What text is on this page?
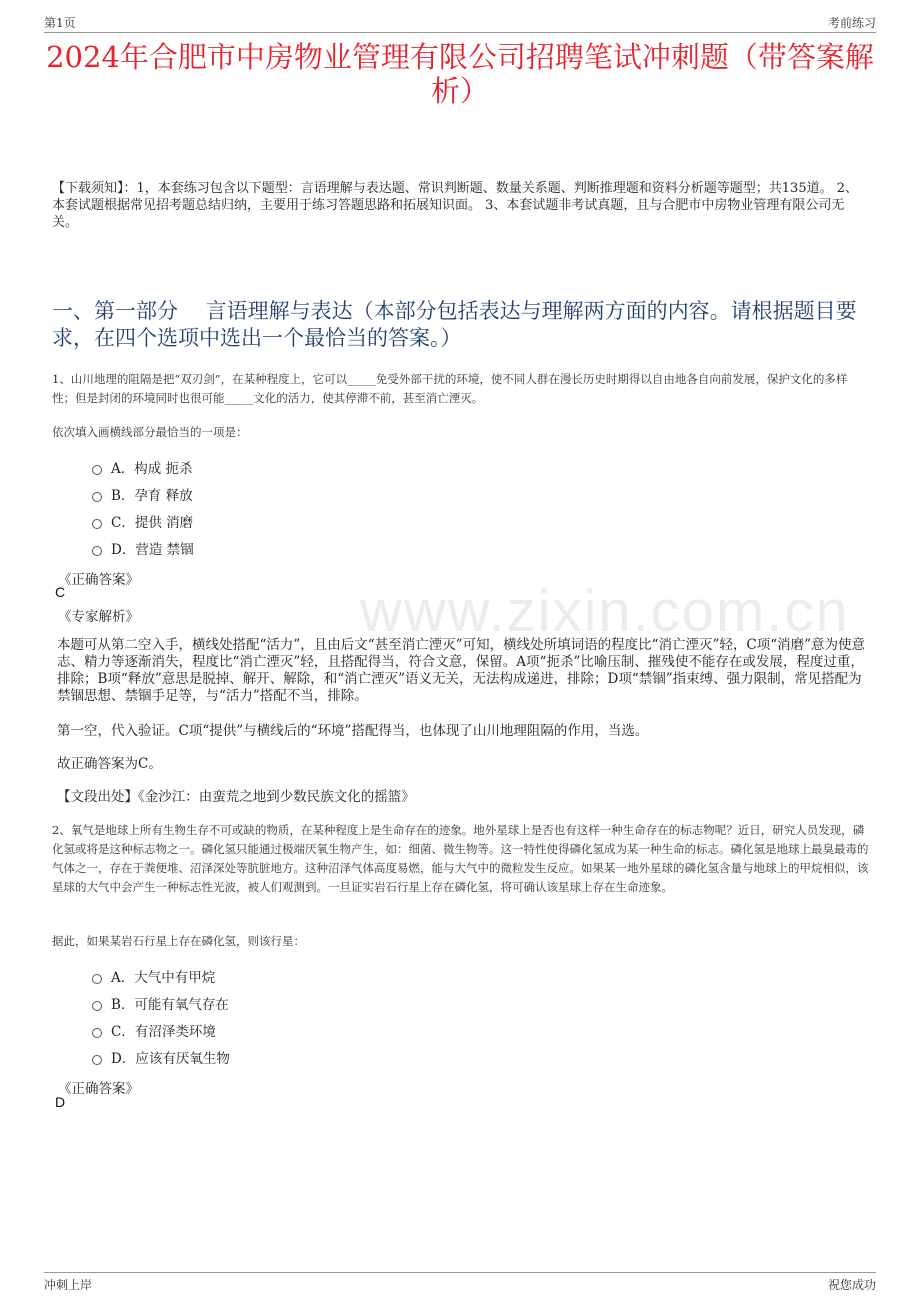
第1页	考前练习
www.zixin.com.cn
2024年合肥市中房物业管理有限公司招聘笔试冲刺题（带答案解析）
【下载须知】：1，本套练习包含以下题型：言语理解与表达题、常识判断题、数量关系题、判断推理题和资料分析题等题型；共135道。 2、本套试题根据常见招考题总结归纳，主要用于练习答题思路和拓展知识面。 3、本套试题非考试真题，且与合肥市中房物业管理有限公司无关。
一、第一部分　 言语理解与表达（本部分包括表达与理解两方面的内容。请根据题目要求，在四个选项中选出一个最恰当的答案。）
1、山川地理的阻隔是把“双刃剑”，在某种程度上，它可以_____免受外部干扰的环境，使不同人群在漫长历史时期得以自由地各自向前发展，保护文化的多样性；但是封闭的环境同时也很可能_____文化的活力，使其停滞不前，甚至消亡湮灭。
依次填入画横线部分最恰当的一项是：
A．构成 扼杀
B．孕育 释放
C．提供 消磨
D．营造 禁锢
《正确答案》
C
《专家解析》
本题可从第二空入手，横线处搭配“活力”，且由后文“甚至消亡湮灭”可知，横线处所填词语的程度比“消亡湮灭”轻，C项“消磨”意为使意志、精力等逐渐消失，程度比“消亡湮灭”轻，且搭配得当，符合文意，保留。A项“扼杀”比喻压制、摧残使不能存在或发展，程度过重，排除；B项“释放”意思是脱掉、解开、解除，和“消亡湮灭”语义无关，无法构成递进，排除；D项“禁锢”指束缚、强力限制，常见搭配为禁锢思想、禁锢手足等，与“活力”搭配不当，排除。
第一空，代入验证。C项“提供”与横线后的“环境”搭配得当，也体现了山川地理阻隔的作用，当选。
故正确答案为C。
【文段出处】《金沙江：由蛮荒之地到少数民族文化的摇篮》
2、氧气是地球上所有生物生存不可或缺的物质，在某种程度上是生命存在的迹象。地外星球上是否也有这样一种生命存在的标志物呢？近日，研究人员发现，磷化氢或将是这种标志物之一。磷化氢只能通过极端厌氧生物产生，如：细菌、微生物等。这一特性使得磷化氢成为某一种生命的标志。磷化氢是地球上最臭最毒的气体之一，存在于粪便堆、沼泽深处等肮脏地方。这种沼泽气体高度易燃，能与大气中的微粒发生反应。如果某一地外星球的磷化氢含量与地球上的甲烷相似，该星球的大气中会产生一种标志性光波，被人们观测到。一旦证实岩石行星上存在磷化氢，将可确认该星球上存在生命迹象。
据此，如果某岩石行星上存在磷化氢，则该行星：
A．大气中有甲烷
B．可能有氧气存在
C．有沼泽类环境
D．应该有厌氧生物
《正确答案》
D
冲刺上岸	祝您成功
